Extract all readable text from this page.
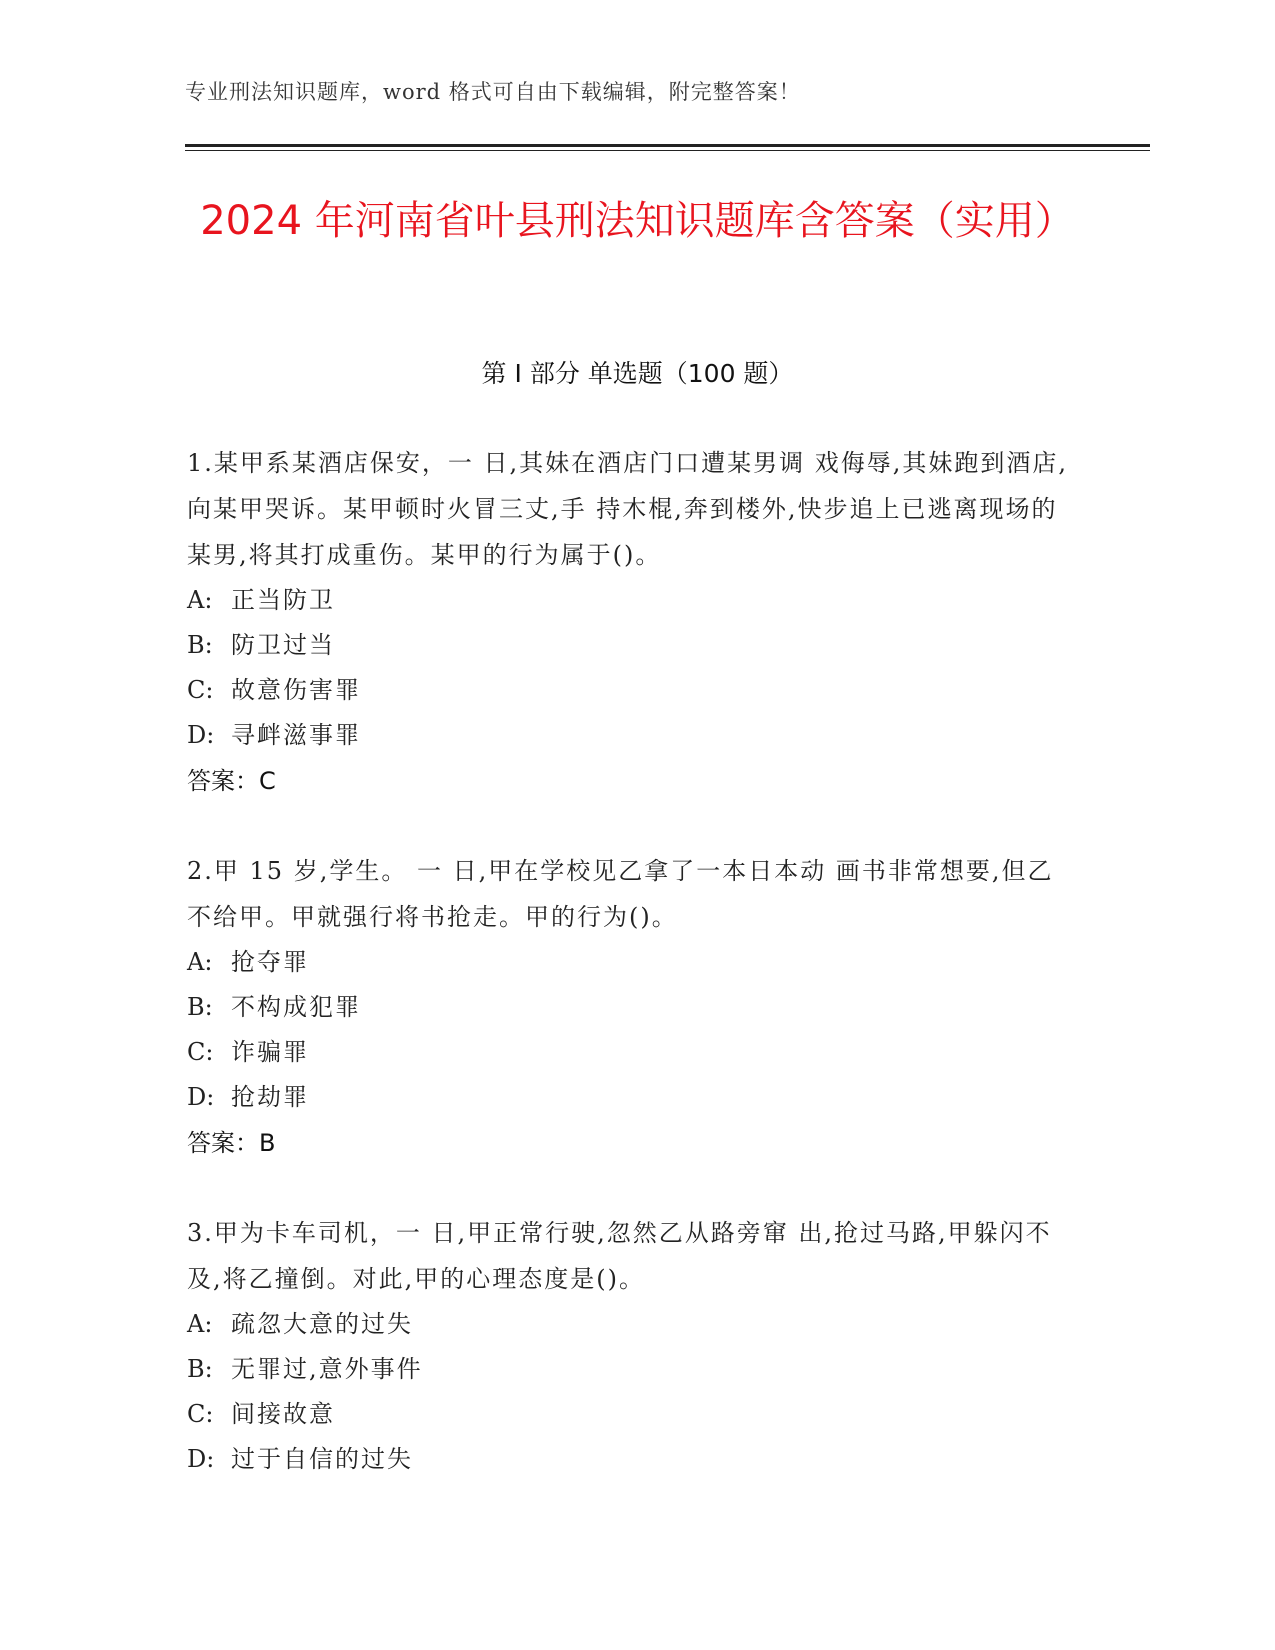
专业刑法知识题库，word 格式可自由下载编辑，附完整答案！
2024 年河南省叶县刑法知识题库含答案（实用）
第 I 部分 单选题（100 题）

1.某甲系某酒店保安，一 日,其妹在酒店门口遭某男调 戏侮辱,其妹跑到酒店,向某甲哭诉。某甲顿时火冒三丈,手 持木棍,奔到楼外,快步追上已逃离现场的某男,将其打成重伤。某甲的行为属于()。

A: 正当防卫

B: 防卫过当

C: 故意伤害罪

D: 寻衅滋事罪

答案：C

2.甲 15 岁,学生。 一 日,甲在学校见乙拿了一本日本动 画书非常想要,但乙不给甲。甲就强行将书抢走。甲的行为()。

A: 抢夺罪

B: 不构成犯罪

C: 诈骗罪

D: 抢劫罪

答案：B

3.甲为卡车司机，一 日,甲正常行驶,忽然乙从路旁窜 出,抢过马路,甲躲闪不及,将乙撞倒。对此,甲的心理态度是()。

A: 疏忽大意的过失

B: 无罪过,意外事件

C: 间接故意

D: 过于自信的过失
